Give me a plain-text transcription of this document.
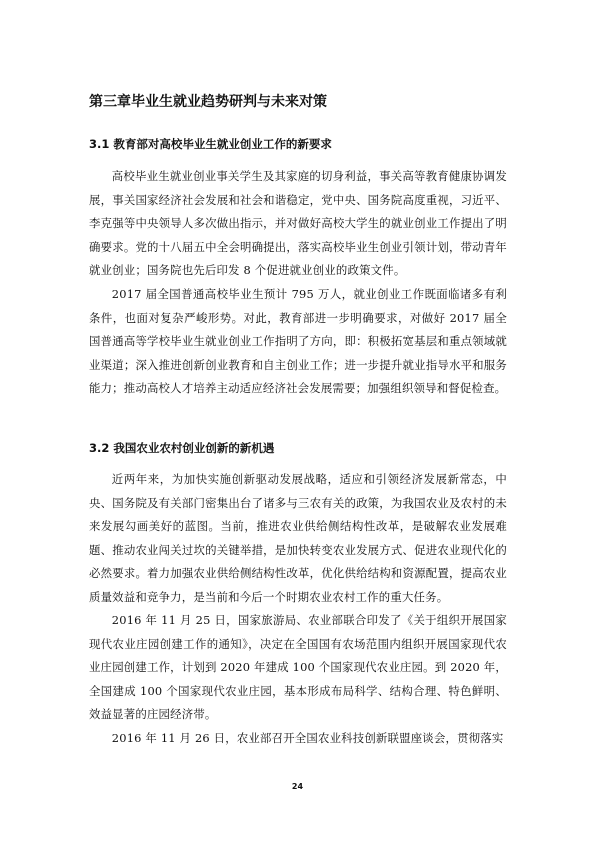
第三章毕业生就业趋势研判与未来对策
3.1 教育部对高校毕业生就业创业工作的新要求

高校毕业生就业创业事关学生及其家庭的切身利益，事关高等教育健康协调发展，事关国家经济社会发展和社会和谐稳定，党中央、国务院高度重视，习近平、李克强等中央领导人多次做出指示，并对做好高校大学生的就业创业工作提出了明确要求。党的十八届五中全会明确提出，落实高校毕业生创业引领计划，带动青年就业创业；国务院也先后印发 8 个促进就业创业的政策文件。

2017 届全国普通高校毕业生预计 795 万人，就业创业工作既面临诸多有利条件，也面对复杂严峻形势。对此，教育部进一步明确要求，对做好 2017 届全国普通高等学校毕业生就业创业工作指明了方向，即：积极拓宽基层和重点领域就业渠道；深入推进创新创业教育和自主创业工作；进一步提升就业指导水平和服务能力；推动高校人才培养主动适应经济社会发展需要；加强组织领导和督促检查。

3.2 我国农业农村创业创新的新机遇

近两年来，为加快实施创新驱动发展战略，适应和引领经济发展新常态，中央、国务院及有关部门密集出台了诸多与三农有关的政策，为我国农业及农村的未来发展勾画美好的蓝图。当前，推进农业供给侧结构性改革，是破解农业发展难题、推动农业闯关过坎的关键举措，是加快转变农业发展方式、促进农业现代化的必然要求。着力加强农业供给侧结构性改革，优化供给结构和资源配置，提高农业质量效益和竞争力，是当前和今后一个时期农业农村工作的重大任务。

2016 年 11 月 25 日，国家旅游局、农业部联合印发了《关于组织开展国家现代农业庄园创建工作的通知》，决定在全国国有农场范围内组织开展国家现代农业庄园创建工作，计划到 2020 年建成 100 个国家现代农业庄园。到 2020 年，全国建成 100 个国家现代农业庄园，基本形成布局科学、结构合理、特色鲜明、效益显著的庄园经济带。

2016 年 11 月 26 日，农业部召开全国农业科技创新联盟座谈会，贯彻落实

24
